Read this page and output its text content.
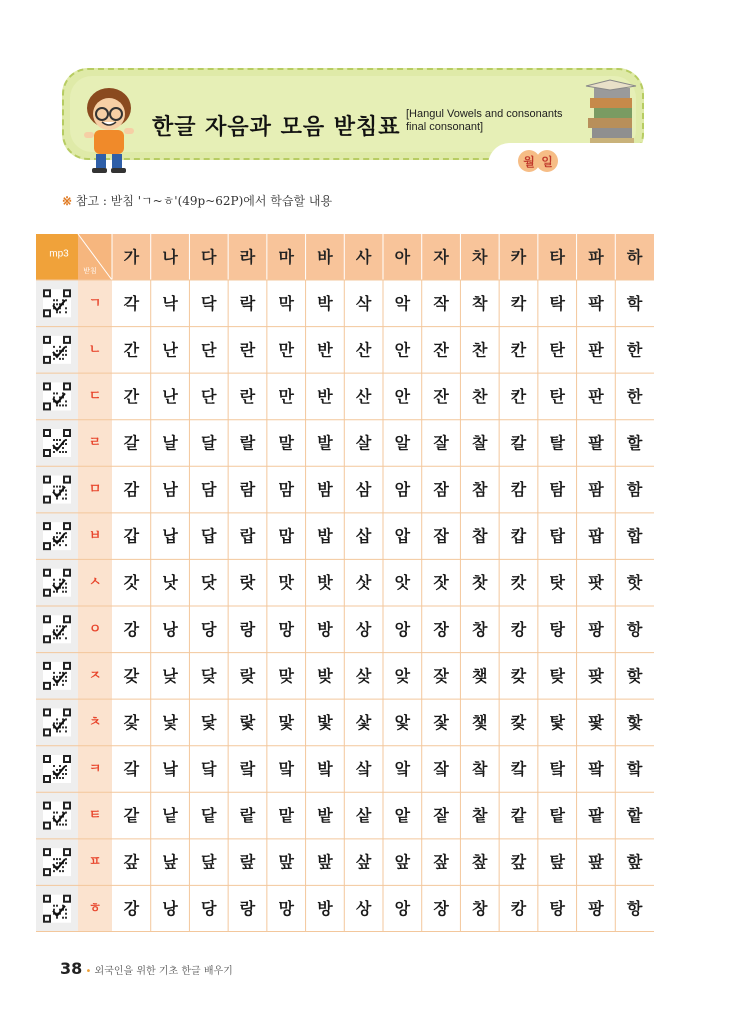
한글 자음과 모음 받침표
[Hangul Vowels and consonants
final consonant]
월
※ 참고 : 받침 'ㄱ~ㅎ'(49p~62P)에서 학습할 내용
mp3
받침
가 나 다 라 마 바 사 아 자 차 카 타 파 하
ㄱ 각 낙 닥 락 막 박 삭 악 작 착 칵 탁 팍 학
ㄴ 간 난 단 란 만 반 산 안 잔 찬 칸 탄 판 한
ㄷ 간 난 단 란 만 반 산 안 잔 찬 칸 탄 판 한
ㄹ 갈 날 달 랄 말 발 살 알 잘 찰 칼 탈 팔 할
ㅁ 감 남 담 람 맘 밤 삼 암 잠 참 캄 탐 팜 함
ㅂ 갑 납 답 랍 맙 밥 삽 압 잡 찹 캅 탑 팝 합
ㅅ 갓 낫 닷 랏 맛 밧 삿 앗 잣 찻 캇 탓 팟 핫
ㅇ 강 낭 당 랑 망 방 상 앙 장 창 캉 탕 팡 항
ㅈ 갖 낮 닺 랒 맞 밪 샂 앚 잦 챚 캊 탖 팢 핮
ㅊ 갗 낯 닻 랓 맟 밫 샃 앛 잧 챛 캋 탗 팣 핯
ㅋ 갘 낰 닼 랔 맠 밬 샄 앜 잨 챀 캌 탘 팤 핰
ㅌ 같 낱 닽 랕 맡 밭 샅 앝 잩 챁 캍 탙 팥 핱
ㅍ 갚 낲 닾 랖 맢 밮 샆 앞 잪 챂 캎 탚 팦 핲
ㅎ 강 낭 당 랑 망 방 상 앙 장 창 캉 탕 팡 항
38 • 외국인을 위한 기초 한글 배우기
일
